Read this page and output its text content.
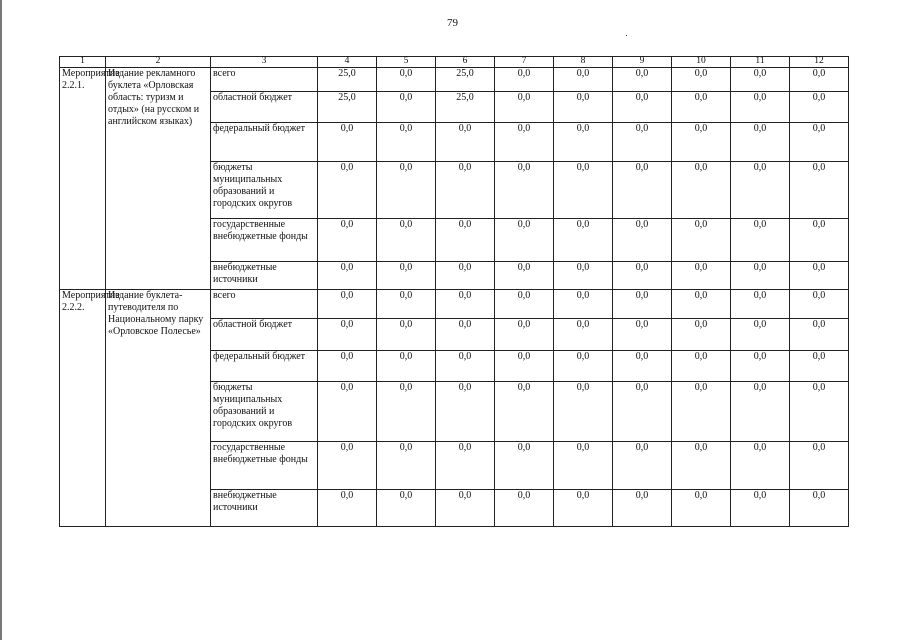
79
1	2	3	4	5	6	7	8	9	10	11	12
Мероприятие 2.2.1.	Издание рекламного буклета «Орловская область: туризм и отдых» (на русском и английском языках)	всего	25,0	0,0	25,0	0,0	0,0	0,0	0,0	0,0	0,0
		областной бюджет	25,0	0,0	25,0	0,0	0,0	0,0	0,0	0,0	0,0
		федеральный бюджет	0,0	0,0	0,0	0,0	0,0	0,0	0,0	0,0	0,0
		бюджеты муниципальных образований и городских округов	0,0	0,0	0,0	0,0	0,0	0,0	0,0	0,0	0,0
		государственные внебюджетные фонды	0,0	0,0	0,0	0,0	0,0	0,0	0,0	0,0	0,0
		внебюджетные источники	0,0	0,0	0,0	0,0	0,0	0,0	0,0	0,0	0,0
Мероприятие 2.2.2.	Издание буклета-путеводителя по Национальному парку «Орловское Полесье»	всего	0,0	0,0	0,0	0,0	0,0	0,0	0,0	0,0	0,0
		областной бюджет	0,0	0,0	0,0	0,0	0,0	0,0	0,0	0,0	0,0
		федеральный бюджет	0,0	0,0	0,0	0,0	0,0	0,0	0,0	0,0	0,0
		бюджеты муниципальных образований и городских округов	0,0	0,0	0,0	0,0	0,0	0,0	0,0	0,0	0,0
		государственные внебюджетные фонды	0,0	0,0	0,0	0,0	0,0	0,0	0,0	0,0	0,0
		внебюджетные источники	0,0	0,0	0,0	0,0	0,0	0,0	0,0	0,0	0,0
